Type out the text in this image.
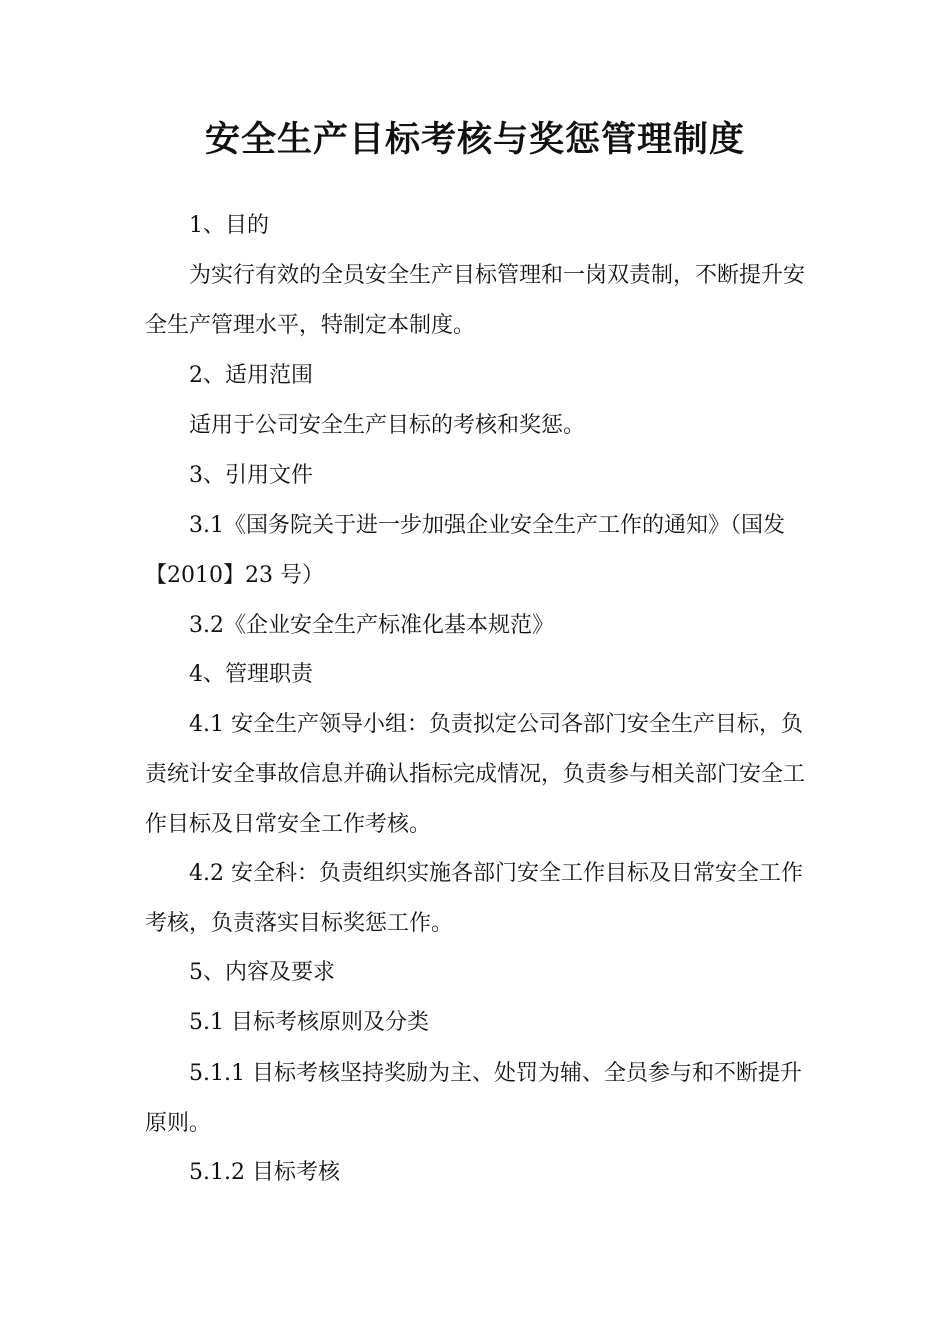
安全生产目标考核与奖惩管理制度

1、目的

为实行有效的全员安全生产目标管理和一岗双责制，不断提升安
全生产管理水平，特制定本制度。

2、适用范围

适用于公司安全生产目标的考核和奖惩。

3、引用文件

3.1《国务院关于进一步加强企业安全生产工作的通知》（国发
【2010】23 号）

3.2《企业安全生产标准化基本规范》

4、管理职责

4.1 安全生产领导小组：负责拟定公司各部门安全生产目标，负
责统计安全事故信息并确认指标完成情况，负责参与相关部门安全工
作目标及日常安全工作考核。

4.2 安全科：负责组织实施各部门安全工作目标及日常安全工作
考核，负责落实目标奖惩工作。

5、内容及要求

5.1 目标考核原则及分类

5.1.1 目标考核坚持奖励为主、处罚为辅、全员参与和不断提升
原则。

5.1.2 目标考核
